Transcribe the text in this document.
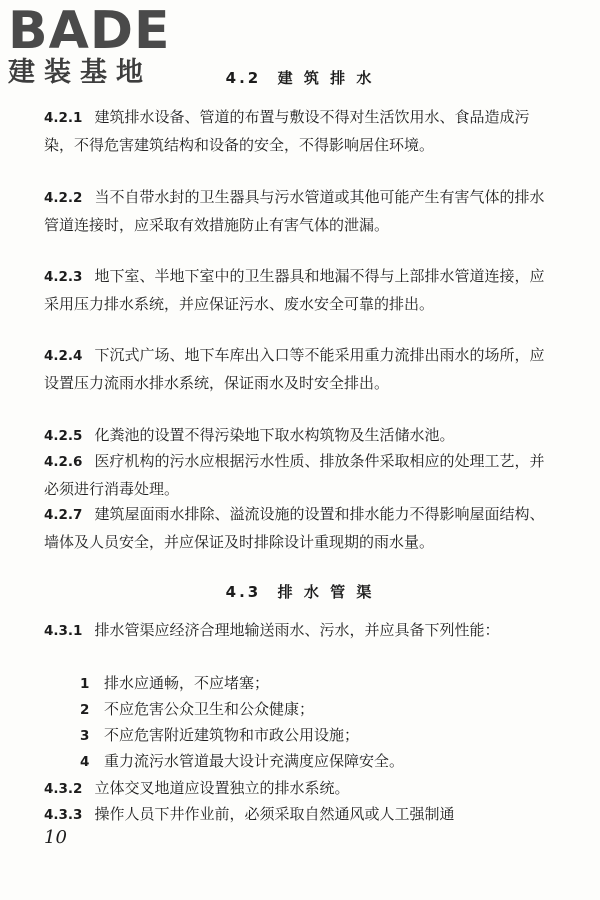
BADE
建装基地	4.2  建 筑 排 水
4.2.1 建筑排水设备、管道的布置与敷设不得对生活饮用水、食品造成污染，不得危害建筑结构和设备的安全，不得影响居住环境。
4.2.2 当不自带水封的卫生器具与污水管道或其他可能产生有害气体的排水管道连接时，应采取有效措施防止有害气体的泄漏。
4.2.3 地下室、半地下室中的卫生器具和地漏不得与上部排水管道连接，应采用压力排水系统，并应保证污水、废水安全可靠的排出。
4.2.4 下沉式广场、地下车库出入口等不能采用重力流排出雨水的场所，应设置压力流雨水排水系统，保证雨水及时安全排出。
4.2.5 化粪池的设置不得污染地下取水构筑物及生活储水池。
4.2.6 医疗机构的污水应根据污水性质、排放条件采取相应的处理工艺，并必须进行消毒处理。
4.2.7 建筑屋面雨水排除、溢流设施的设置和排水能力不得影响屋面结构、墙体及人员安全，并应保证及时排除设计重现期的雨水量。
4.3  排 水 管 渠
4.3.1 排水管渠应经济合理地输送雨水、污水，并应具备下列性能：
1 排水应通畅，不应堵塞；
2 不应危害公众卫生和公众健康；
3 不应危害附近建筑物和市政公用设施；
4 重力流污水管道最大设计充满度应保障安全。
4.3.2 立体交叉地道应设置独立的排水系统。
4.3.3 操作人员下井作业前，必须采取自然通风或人工强制通
10
